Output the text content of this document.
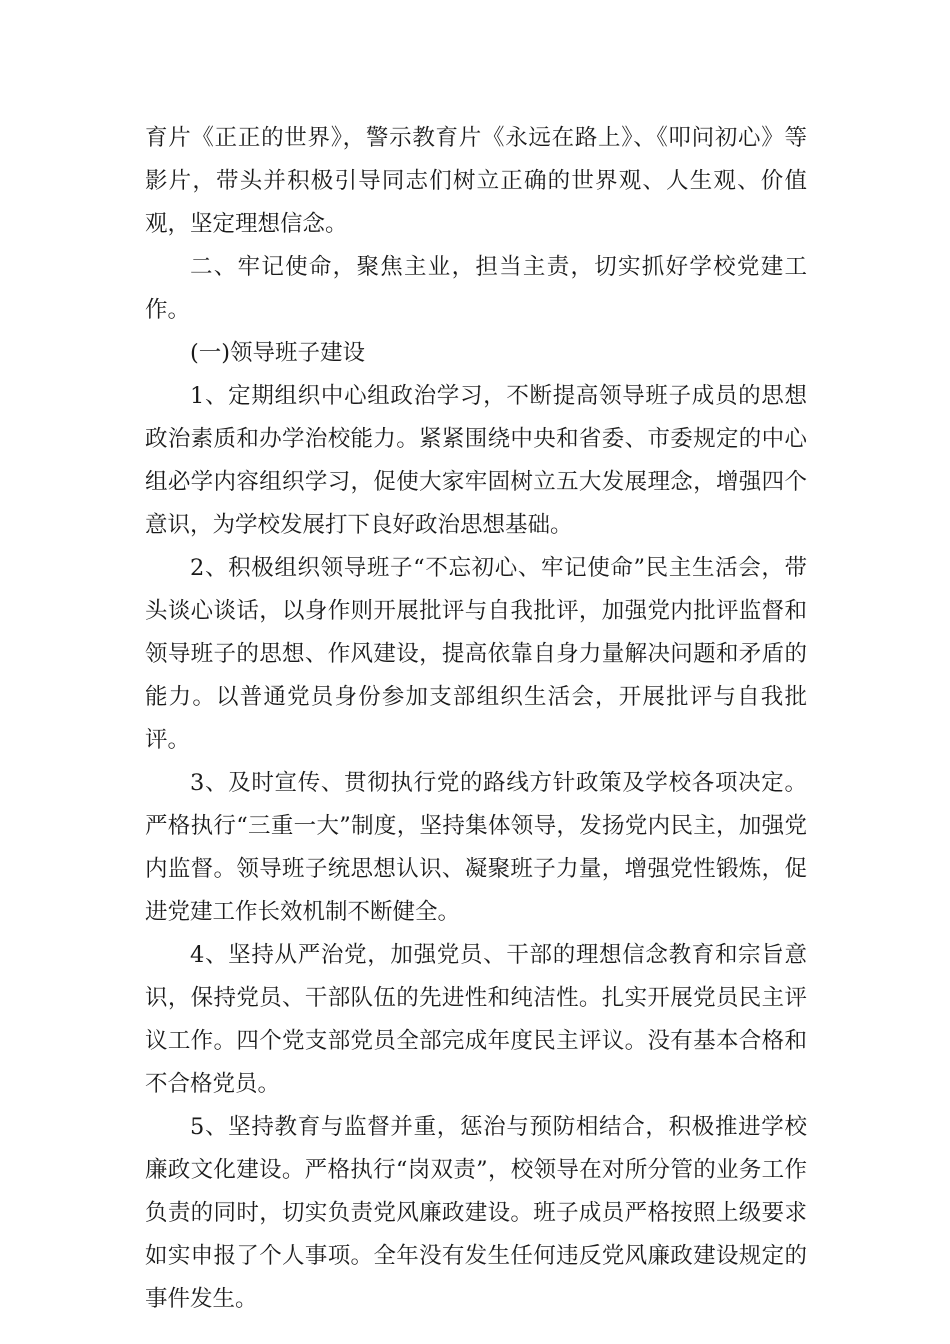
育片《正正的世界》，警示教育片《永远在路上》、《叩问初心》等影片，带头并积极引导同志们树立正确的世界观、人生观、价值观，坚定理想信念。

二、牢记使命，聚焦主业，担当主责，切实抓好学校党建工作。

(一)领导班子建设

1、定期组织中心组政治学习，不断提高领导班子成员的思想政治素质和办学治校能力。紧紧围绕中央和省委、市委规定的中心组必学内容组织学习，促使大家牢固树立五大发展理念，增强四个意识，为学校发展打下良好政治思想基础。

2、积极组织领导班子“不忘初心、牢记使命”民主生活会，带头谈心谈话，以身作则开展批评与自我批评，加强党内批评监督和领导班子的思想、作风建设，提高依靠自身力量解决问题和矛盾的能力。以普通党员身份参加支部组织生活会，开展批评与自我批评。

3、及时宣传、贯彻执行党的路线方针政策及学校各项决定。严格执行“三重一大”制度，坚持集体领导，发扬党内民主，加强党内监督。领导班子统思想认识、凝聚班子力量，增强党性锻炼，促进党建工作长效机制不断健全。

4、坚持从严治党，加强党员、干部的理想信念教育和宗旨意识，保持党员、干部队伍的先进性和纯洁性。扎实开展党员民主评议工作。四个党支部党员全部完成年度民主评议。没有基本合格和不合格党员。

5、坚持教育与监督并重，惩治与预防相结合，积极推进学校廉政文化建设。严格执行“岗双责”，校领导在对所分管的业务工作负责的同时，切实负责党风廉政建设。班子成员严格按照上级要求如实申报了个人事项。全年没有发生任何违反党风廉政建设规定的事件发生。
